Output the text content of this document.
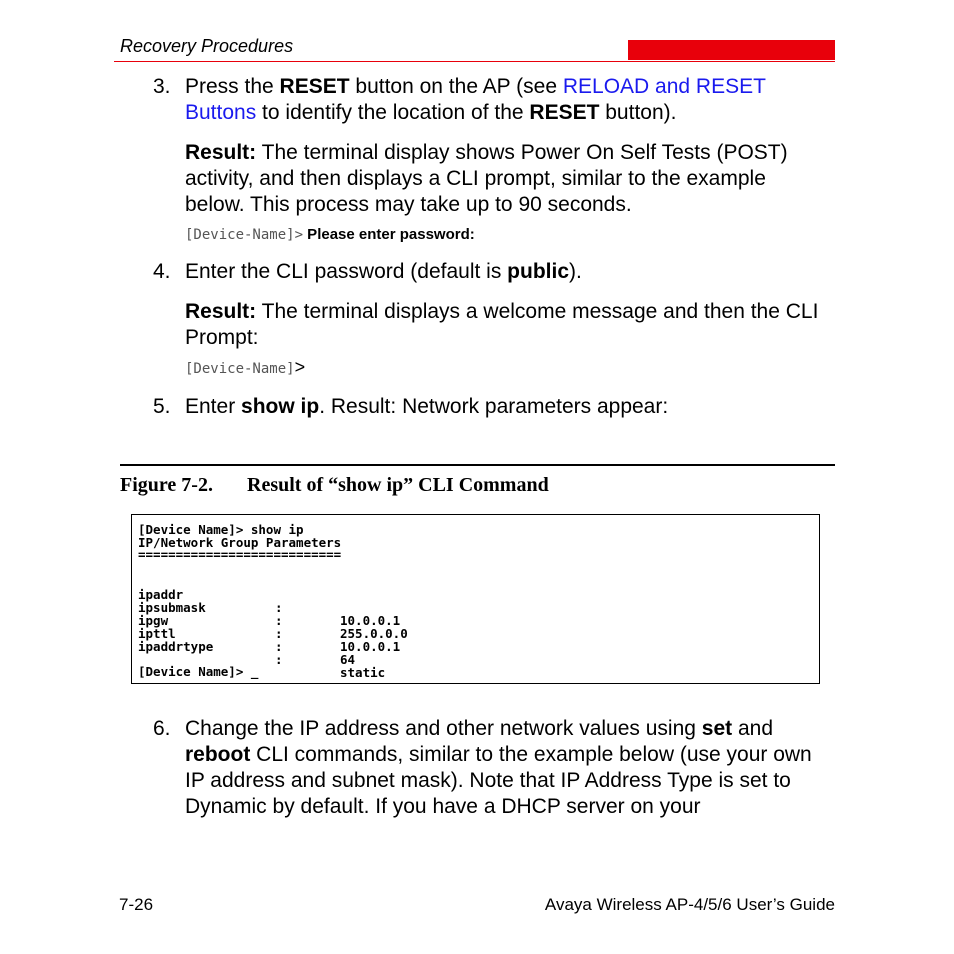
Recovery Procedures
3. Press the RESET button on the AP (see RELOAD and RESET Buttons to identify the location of the RESET button).
Result: The terminal display shows Power On Self Tests (POST) activity, and then displays a CLI prompt, similar to the example below. This process may take up to 90 seconds.
[Device-Name]> Please enter password:
4. Enter the CLI password (default is public).
Result: The terminal displays a welcome message and then the CLI Prompt:
[Device-Name]>
5. Enter show ip. Result: Network parameters appear:
Figure 7-2. Result of “show ip” CLI Command
[Device Name]> show ip
IP/Network Group Parameters
===========================

ipaddr

:

10.0.0.1

ipsubmask

:

255.0.0.0

ipgw

:

10.0.0.1

ipttl

:

64

ipaddrtype

:

static

[Device Name]> _
6. Change the IP address and other network values using set and reboot CLI commands, similar to the example below (use your own IP address and subnet mask). Note that IP Address Type is set to Dynamic by default. If you have a DHCP server on your
7-26	Avaya Wireless AP-4/5/6 User’s Guide
